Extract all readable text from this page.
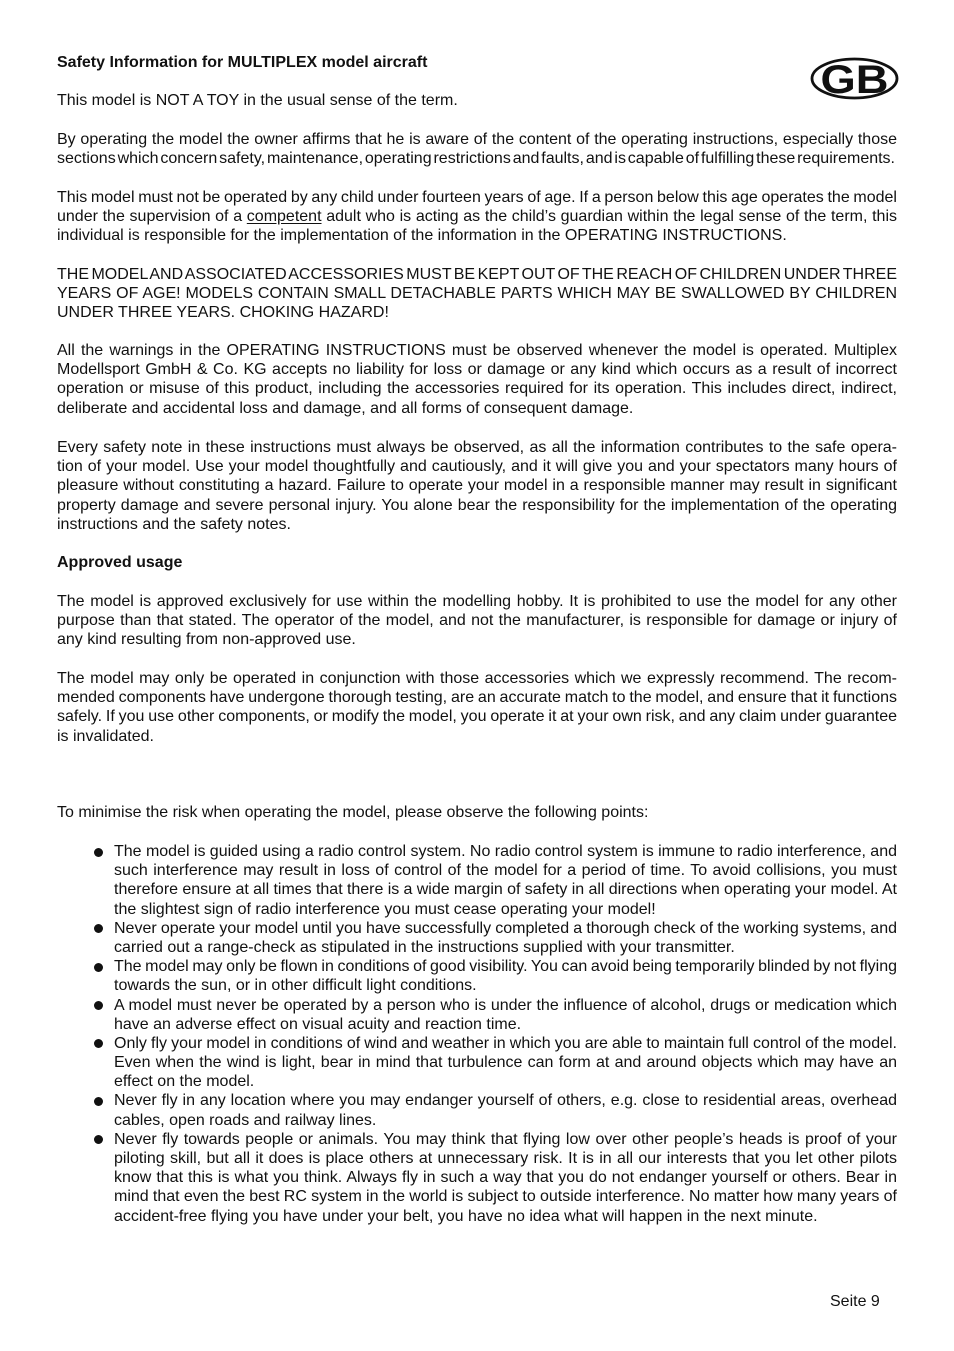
Safety Information for MULTIPLEX model aircraft	GB
This model is NOT A TOY in the usual sense of the term.
By operating the model the owner affirms that he is aware of the content of the operating instructions, especially those
sections which concern safety, maintenance, operating restrictions and faults, and is capable of fulfilling these requirements.
This model must not be operated by any child under fourteen years of age. If a person below this age operates the model
under the supervision of a competent adult who is acting as the child’s guardian within the legal sense of the term, this
individual is responsible for the implementation of the information in the OPERATING INSTRUCTIONS.
THE MODEL AND ASSOCIATED ACCESSORIES MUST BE KEPT OUT OF THE REACH OF CHILDREN UNDER THREE
YEARS OF AGE! MODELS CONTAIN SMALL DETACHABLE PARTS WHICH MAY BE SWALLOWED BY CHILDREN
UNDER THREE YEARS. CHOKING HAZARD!
All the warnings in the OPERATING INSTRUCTIONS must be observed whenever the model is operated. Multiplex
Modellsport GmbH & Co. KG accepts no liability for loss or damage or any kind which occurs as a result of incorrect
operation or misuse of this product, including the accessories required for its operation. This includes direct, indirect,
deliberate and accidental loss and damage, and all forms of consequent damage.
Every safety note in these instructions must always be observed, as all the information contributes to the safe opera-
tion of your model. Use your model thoughtfully and cautiously, and it will give you and your spectators many hours of
pleasure without constituting a hazard. Failure to operate your model in a responsible manner may result in significant
property damage and severe personal injury. You alone bear the responsibility for the implementation of the operating
instructions and the safety notes.
Approved usage
The model is approved exclusively for use within the modelling hobby. It is prohibited to use the model for any other
purpose than that stated. The operator of the model, and not the manufacturer, is responsible for damage or injury of
any kind resulting from non-approved use.
The model may only be operated in conjunction with those accessories which we expressly recommend. The recom-
mended components have undergone thorough testing, are an accurate match to the model, and ensure that it functions
safely. If you use other components, or modify the model, you operate it at your own risk, and any claim under guarantee
is invalidated.
To minimise the risk when operating the model, please observe the following points:
The model is guided using a radio control system. No radio control system is immune to radio interference, and
such interference may result in loss of control of the model for a period of time. To avoid collisions, you must
therefore ensure at all times that there is a wide margin of safety in all directions when operating your model. At
the slightest sign of radio interference you must cease operating your model!
Never operate your model until you have successfully completed a thorough check of the working systems, and
carried out a range-check as stipulated in the instructions supplied with your transmitter.
The model may only be flown in conditions of good visibility. You can avoid being temporarily blinded by not flying
towards the sun, or in other difficult light conditions.
A model must never be operated by a person who is under the influence of alcohol, drugs or medication which
have an adverse effect on visual acuity and reaction time.
Only fly your model in conditions of wind and weather in which you are able to maintain full control of the model.
Even when the wind is light, bear in mind that turbulence can form at and around objects which may have an
effect on the model.
Never fly in any location where you may endanger yourself of others, e.g. close to residential areas, overhead
cables, open roads and railway lines.
Never fly towards people or animals. You may think that flying low over other people’s heads is proof of your
piloting skill, but all it does is place others at unnecessary risk. It is in all our interests that you let other pilots
know that this is what you think. Always fly in such a way that you do not endanger yourself or others. Bear in
mind that even the best RC system in the world is subject to outside interference. No matter how many years of
accident-free flying you have under your belt, you have no idea what will happen in the next minute.
Seite 9
